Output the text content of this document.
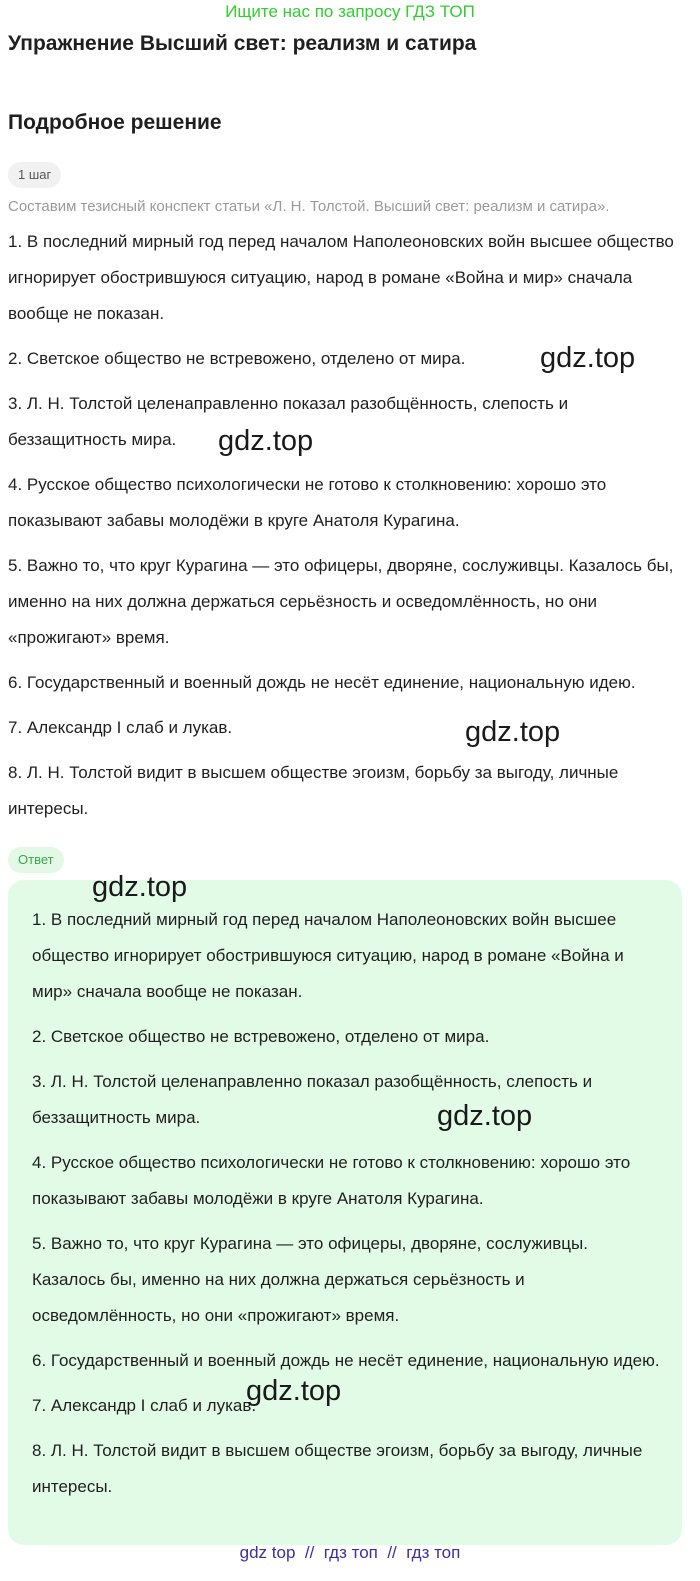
Ищите нас по запросу ГДЗ ТОП
Упражнение Высший свет: реализм и сатира
Подробное решение
1 шаг
Составим тезисный конспект статьи «Л. Н. Толстой. Высший свет: реализм и сатира».

1. В последний мирный год перед началом Наполеоновских войн высшее общество игнорирует обострившуюся ситуацию, народ в романе «Война и мир» сначала вообще не показан.

2. Светское общество не встревожено, отделено от мира.

3. Л. Н. Толстой целенаправленно показал разобщённость, слепость и беззащитность мира.

4. Русское общество психологически не готово к столкновению: хорошо это показывают забавы молодёжи в круге Анатоля Курагина.

5. Важно то, что круг Курагина — это офицеры, дворяне, сослуживцы. Казалось бы, именно на них должна держаться серьёзность и осведомлённость, но они «прожигают» время.

6. Государственный и военный дождь не несёт единение, национальную идею.

7. Александр I слаб и лукав.

8. Л. Н. Толстой видит в высшем обществе эгоизм, борьбу за выгоду, личные интересы.

Ответ

1. В последний мирный год перед началом Наполеоновских войн высшее общество игнорирует обострившуюся ситуацию, народ в романе «Война и мир» сначала вообще не показан.

2. Светское общество не встревожено, отделено от мира.

3. Л. Н. Толстой целенаправленно показал разобщённость, слепость и беззащитность мира.

4. Русское общество психологически не готово к столкновению: хорошо это показывают забавы молодёжи в круге Анатоля Курагина.

5. Важно то, что круг Курагина — это офицеры, дворяне, сослуживцы. Казалось бы, именно на них должна держаться серьёзность и осведомлённость, но они «прожигают» время.

6. Государственный и военный дождь не несёт единение, национальную идею.

7. Александр I слаб и лукав.

8. Л. Н. Толстой видит в высшем обществе эгоизм, борьбу за выгоду, личные интересы.

gdz.top
gdz.top
gdz.top
gdz.top
gdz.top
gdz.top
gdz top  //  гдз топ  //  гдз топ
